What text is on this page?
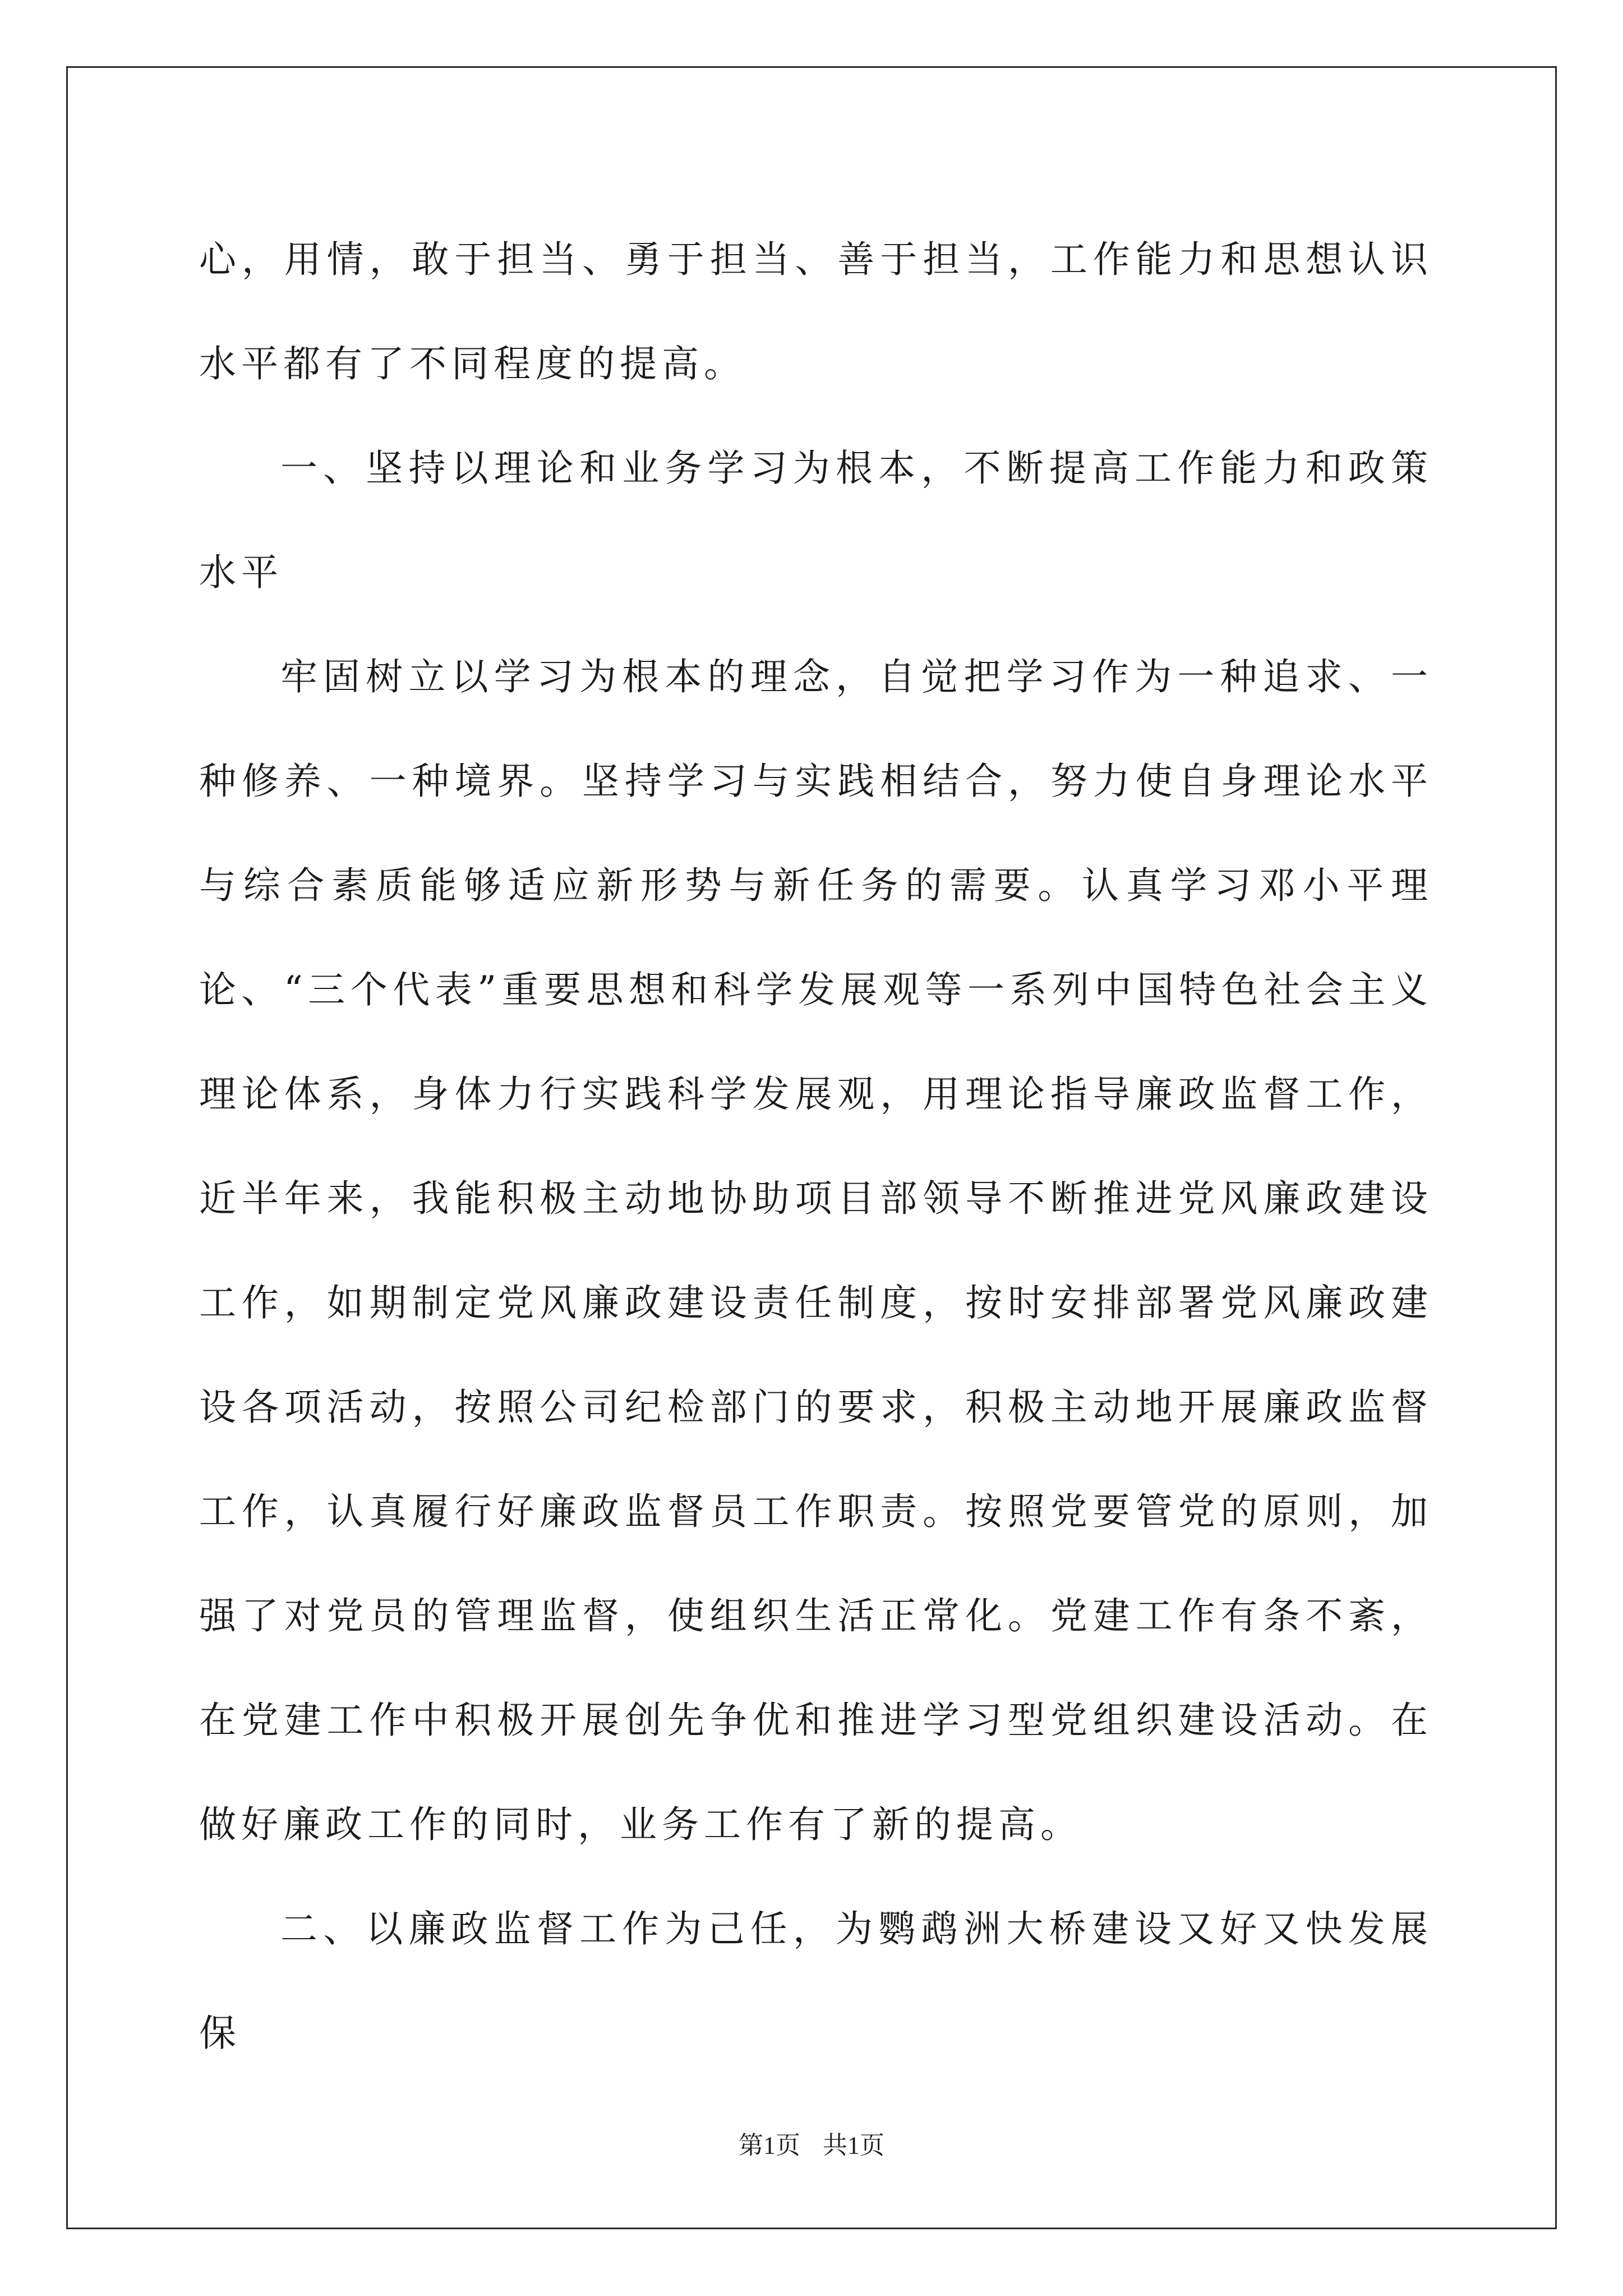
心，用情，敢于担当、勇于担当、善于担当，工作能力和思想认识水平都有了不同程度的提高。

一、坚持以理论和业务学习为根本，不断提高工作能力和政策水平

牢固树立以学习为根本的理念，自觉把学习作为一种追求、一种修养、一种境界。坚持学习与实践相结合，努力使自身理论水平与综合素质能够适应新形势与新任务的需要。认真学习邓小平理论、“三个代表”重要思想和科学发展观等一系列中国特色社会主义理论体系，身体力行实践科学发展观，用理论指导廉政监督工作，近半年来，我能积极主动地协助项目部领导不断推进党风廉政建设工作，如期制定党风廉政建设责任制度，按时安排部署党风廉政建设各项活动，按照公司纪检部门的要求，积极主动地开展廉政监督工作，认真履行好廉政监督员工作职责。按照党要管党的原则，加强了对党员的管理监督，使组织生活正常化。党建工作有条不紊，在党建工作中积极开展创先争优和推进学习型党组织建设活动。在做好廉政工作的同时，业务工作有了新的提高。

二、以廉政监督工作为己任，为鹦鹉洲大桥建设又好又快发展保

第1页 共1页
